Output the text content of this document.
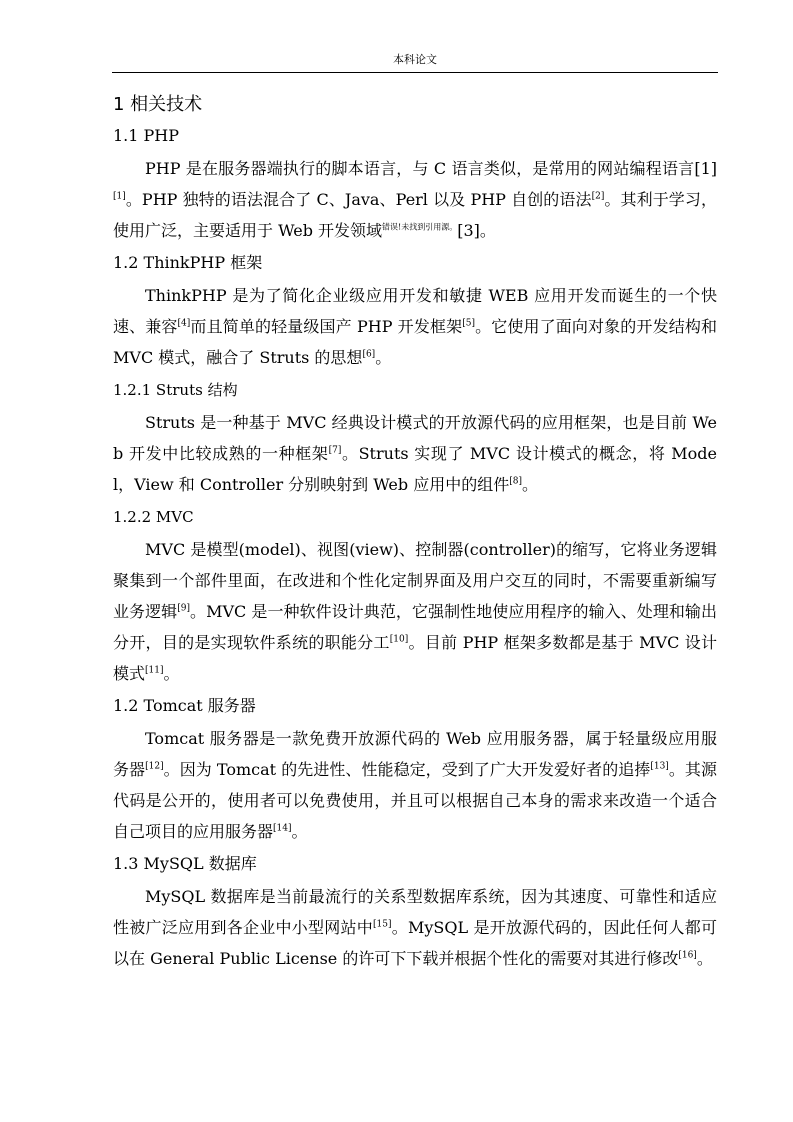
本科论文
1 相关技术
1.1 PHP

PHP 是在服务器端执行的脚本语言，与 C 语言类似，是常用的网站编程语言[1][1]。PHP 独特的语法混合了 C、Java、Perl 以及 PHP 自创的语法[2]。其利于学习，使用广泛，主要适用于 Web 开发领域$^{错误!未找到引用源。}$[3]。

1.2 ThinkPHP 框架

ThinkPHP 是为了简化企业级应用开发和敏捷 WEB 应用开发而诞生的一个快速、兼容[4]而且简单的轻量级国产 PHP 开发框架[5]。它使用了面向对象的开发结构和 MVC 模式，融合了 Struts 的思想[6]。

1.2.1 Struts 结构

Struts 是一种基于 MVC 经典设计模式的开放源代码的应用框架，也是目前 Web 开发中比较成熟的一种框架[7]。Struts 实现了 MVC 设计模式的概念，将 Model，View 和 Controller 分别映射到 Web 应用中的组件[8]。

1.2.2 MVC

MVC 是模型(model)、视图(view)、控制器(controller)的缩写，它将业务逻辑聚集到一个部件里面，在改进和个性化定制界面及用户交互的同时，不需要重新编写业务逻辑[9]。MVC 是一种软件设计典范，它强制性地使应用程序的输入、处理和输出分开，目的是实现软件系统的职能分工[10]。目前 PHP 框架多数都是基于 MVC 设计模式[11]。

1.2 Tomcat 服务器

Tomcat 服务器是一款免费开放源代码的 Web 应用服务器，属于轻量级应用服务器[12]。因为 Tomcat 的先进性、性能稳定，受到了广大开发爱好者的追捧[13]。其源代码是公开的，使用者可以免费使用，并且可以根据自己本身的需求来改造一个适合自己项目的应用服务器[14]。

1.3 MySQL 数据库

MySQL 数据库是当前最流行的关系型数据库系统，因为其速度、可靠性和适应性被广泛应用到各企业中小型网站中[15]。MySQL 是开放源代码的，因此任何人都可以在 General Public License 的许可下下载并根据个性化的需要对其进行修改[16]。
